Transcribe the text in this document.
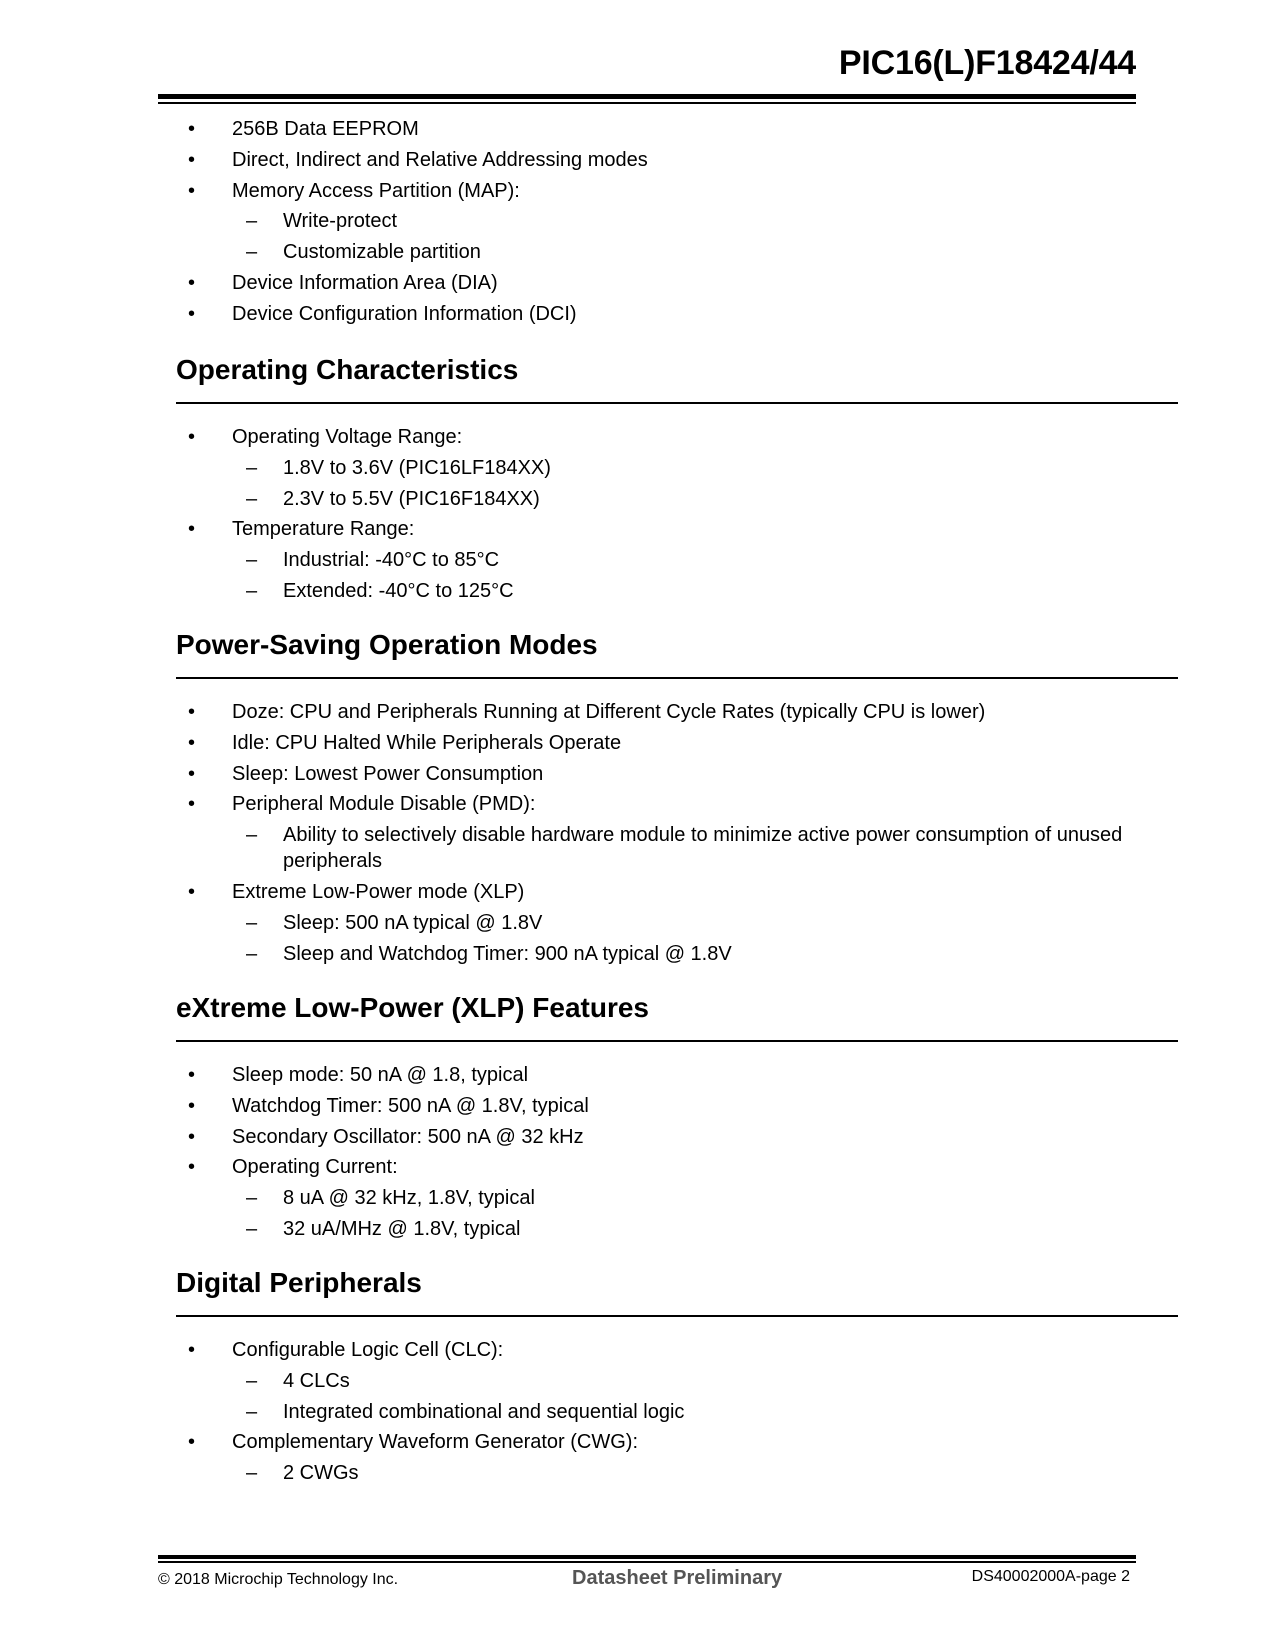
PIC16(L)F18424/44
• 256B Data EEPROM
• Direct, Indirect and Relative Addressing modes
• Memory Access Partition (MAP):
– Write-protect
– Customizable partition
• Device Information Area (DIA)
• Device Configuration Information (DCI)
Operating Characteristics
• Operating Voltage Range:
– 1.8V to 3.6V (PIC16LF184XX)
– 2.3V to 5.5V (PIC16F184XX)
• Temperature Range:
– Industrial: -40°C to 85°C
– Extended: -40°C to 125°C
Power-Saving Operation Modes
• Doze: CPU and Peripherals Running at Different Cycle Rates (typically CPU is lower)
• Idle: CPU Halted While Peripherals Operate
• Sleep: Lowest Power Consumption
• Peripheral Module Disable (PMD):
– Ability to selectively disable hardware module to minimize active power consumption of unused peripherals
• Extreme Low-Power mode (XLP)
– Sleep: 500 nA typical @ 1.8V
– Sleep and Watchdog Timer: 900 nA typical @ 1.8V
eXtreme Low-Power (XLP) Features
• Sleep mode: 50 nA @ 1.8, typical
• Watchdog Timer: 500 nA @ 1.8V, typical
• Secondary Oscillator: 500 nA @ 32 kHz
• Operating Current:
– 8 uA @ 32 kHz, 1.8V, typical
– 32 uA/MHz @ 1.8V, typical
Digital Peripherals
• Configurable Logic Cell (CLC):
– 4 CLCs
– Integrated combinational and sequential logic
• Complementary Waveform Generator (CWG):
– 2 CWGs
© 2018 Microchip Technology Inc.	Datasheet Preliminary	DS40002000A-page 2
